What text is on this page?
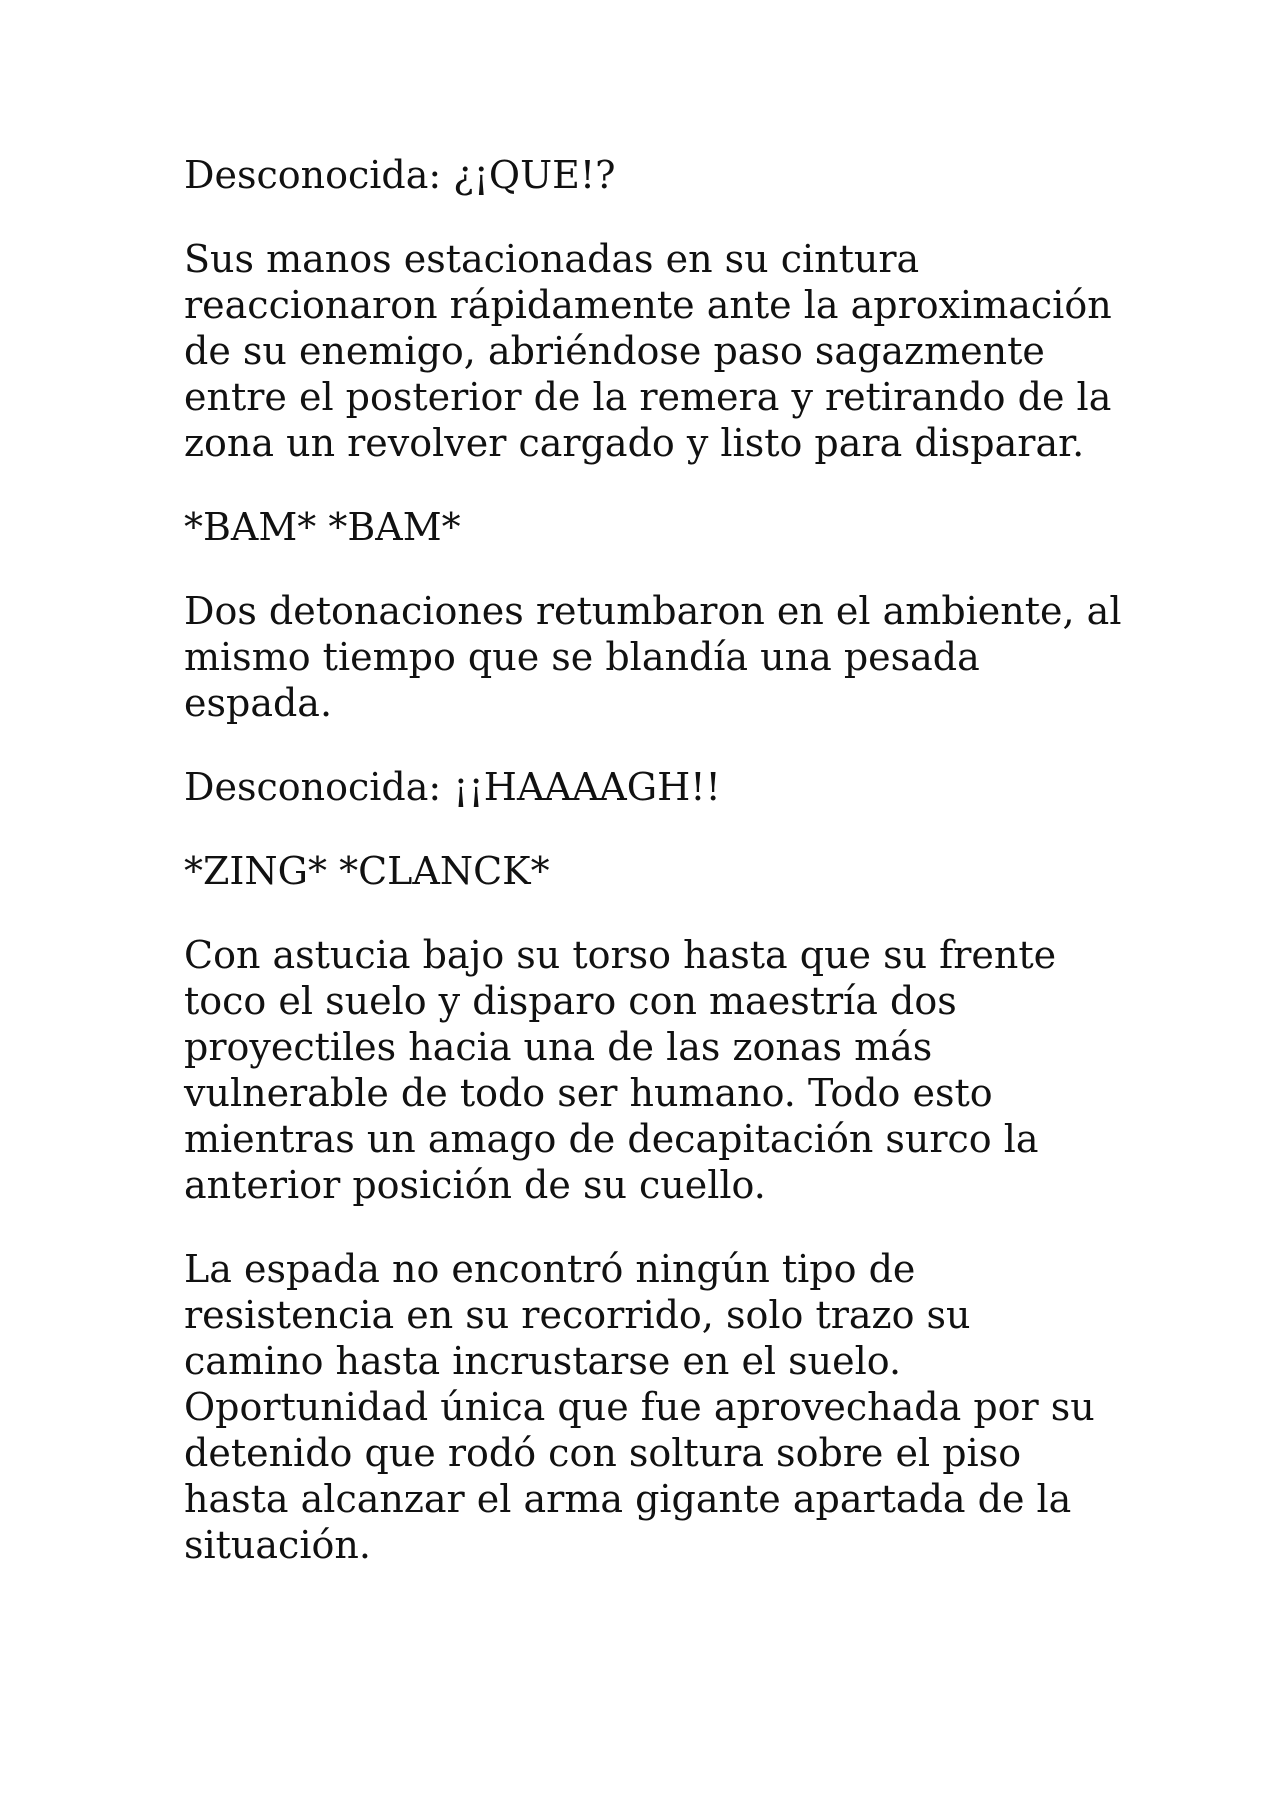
Desconocida: ¿¡QUE!?

Sus manos estacionadas en su cintura
reaccionaron rápidamente ante la aproximación
de su enemigo, abriéndose paso sagazmente
entre el posterior de la remera y retirando de la
zona un revolver cargado y listo para disparar.

*BAM* *BAM*

Dos detonaciones retumbaron en el ambiente, al
mismo tiempo que se blandía una pesada
espada.

Desconocida: ¡¡HAAAAGH!!

*ZING* *CLANCK*

Con astucia bajo su torso hasta que su frente
toco el suelo y disparo con maestría dos
proyectiles hacia una de las zonas más
vulnerable de todo ser humano. Todo esto
mientras un amago de decapitación surco la
anterior posición de su cuello.

La espada no encontró ningún tipo de
resistencia en su recorrido, solo trazo su
camino hasta incrustarse en el suelo.
Oportunidad única que fue aprovechada por su
detenido que rodó con soltura sobre el piso
hasta alcanzar el arma gigante apartada de la
situación.
